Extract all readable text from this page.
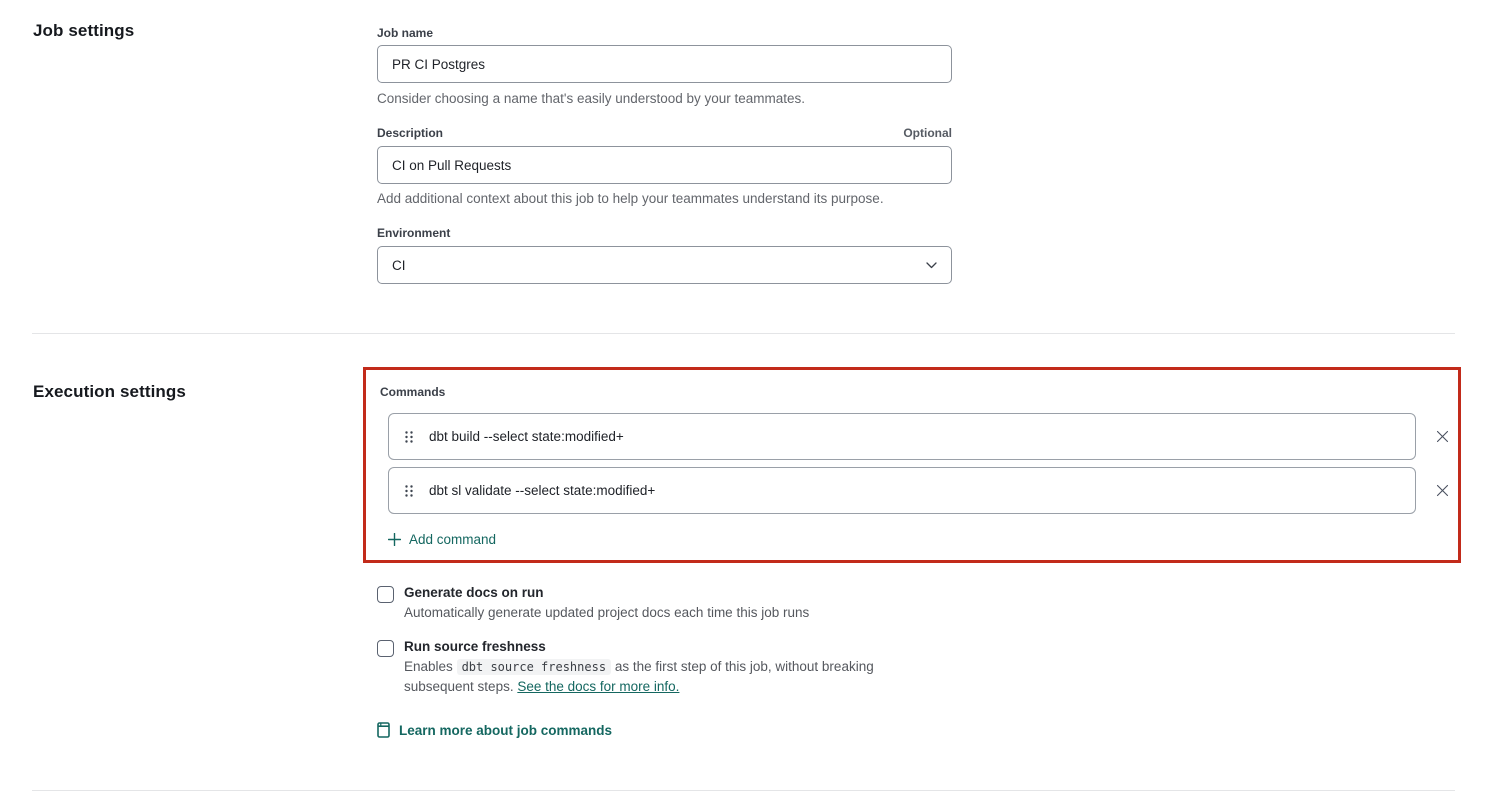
Job settings	Job name
PR CI Postgres
Consider choosing a name that's easily understood by your teammates.
Description	Optional
CI on Pull Requests
Add additional context about this job to help your teammates understand its purpose.
Environment
CI
Execution settings	Commands
dbt build --select state:modified+
dbt sl validate --select state:modified+
Add command
Generate docs on run
Automatically generate updated project docs each time this job runs
Run source freshness
Enables dbt source freshness as the first step of this job, without breaking subsequent steps. See the docs for more info.
Learn more about job commands
